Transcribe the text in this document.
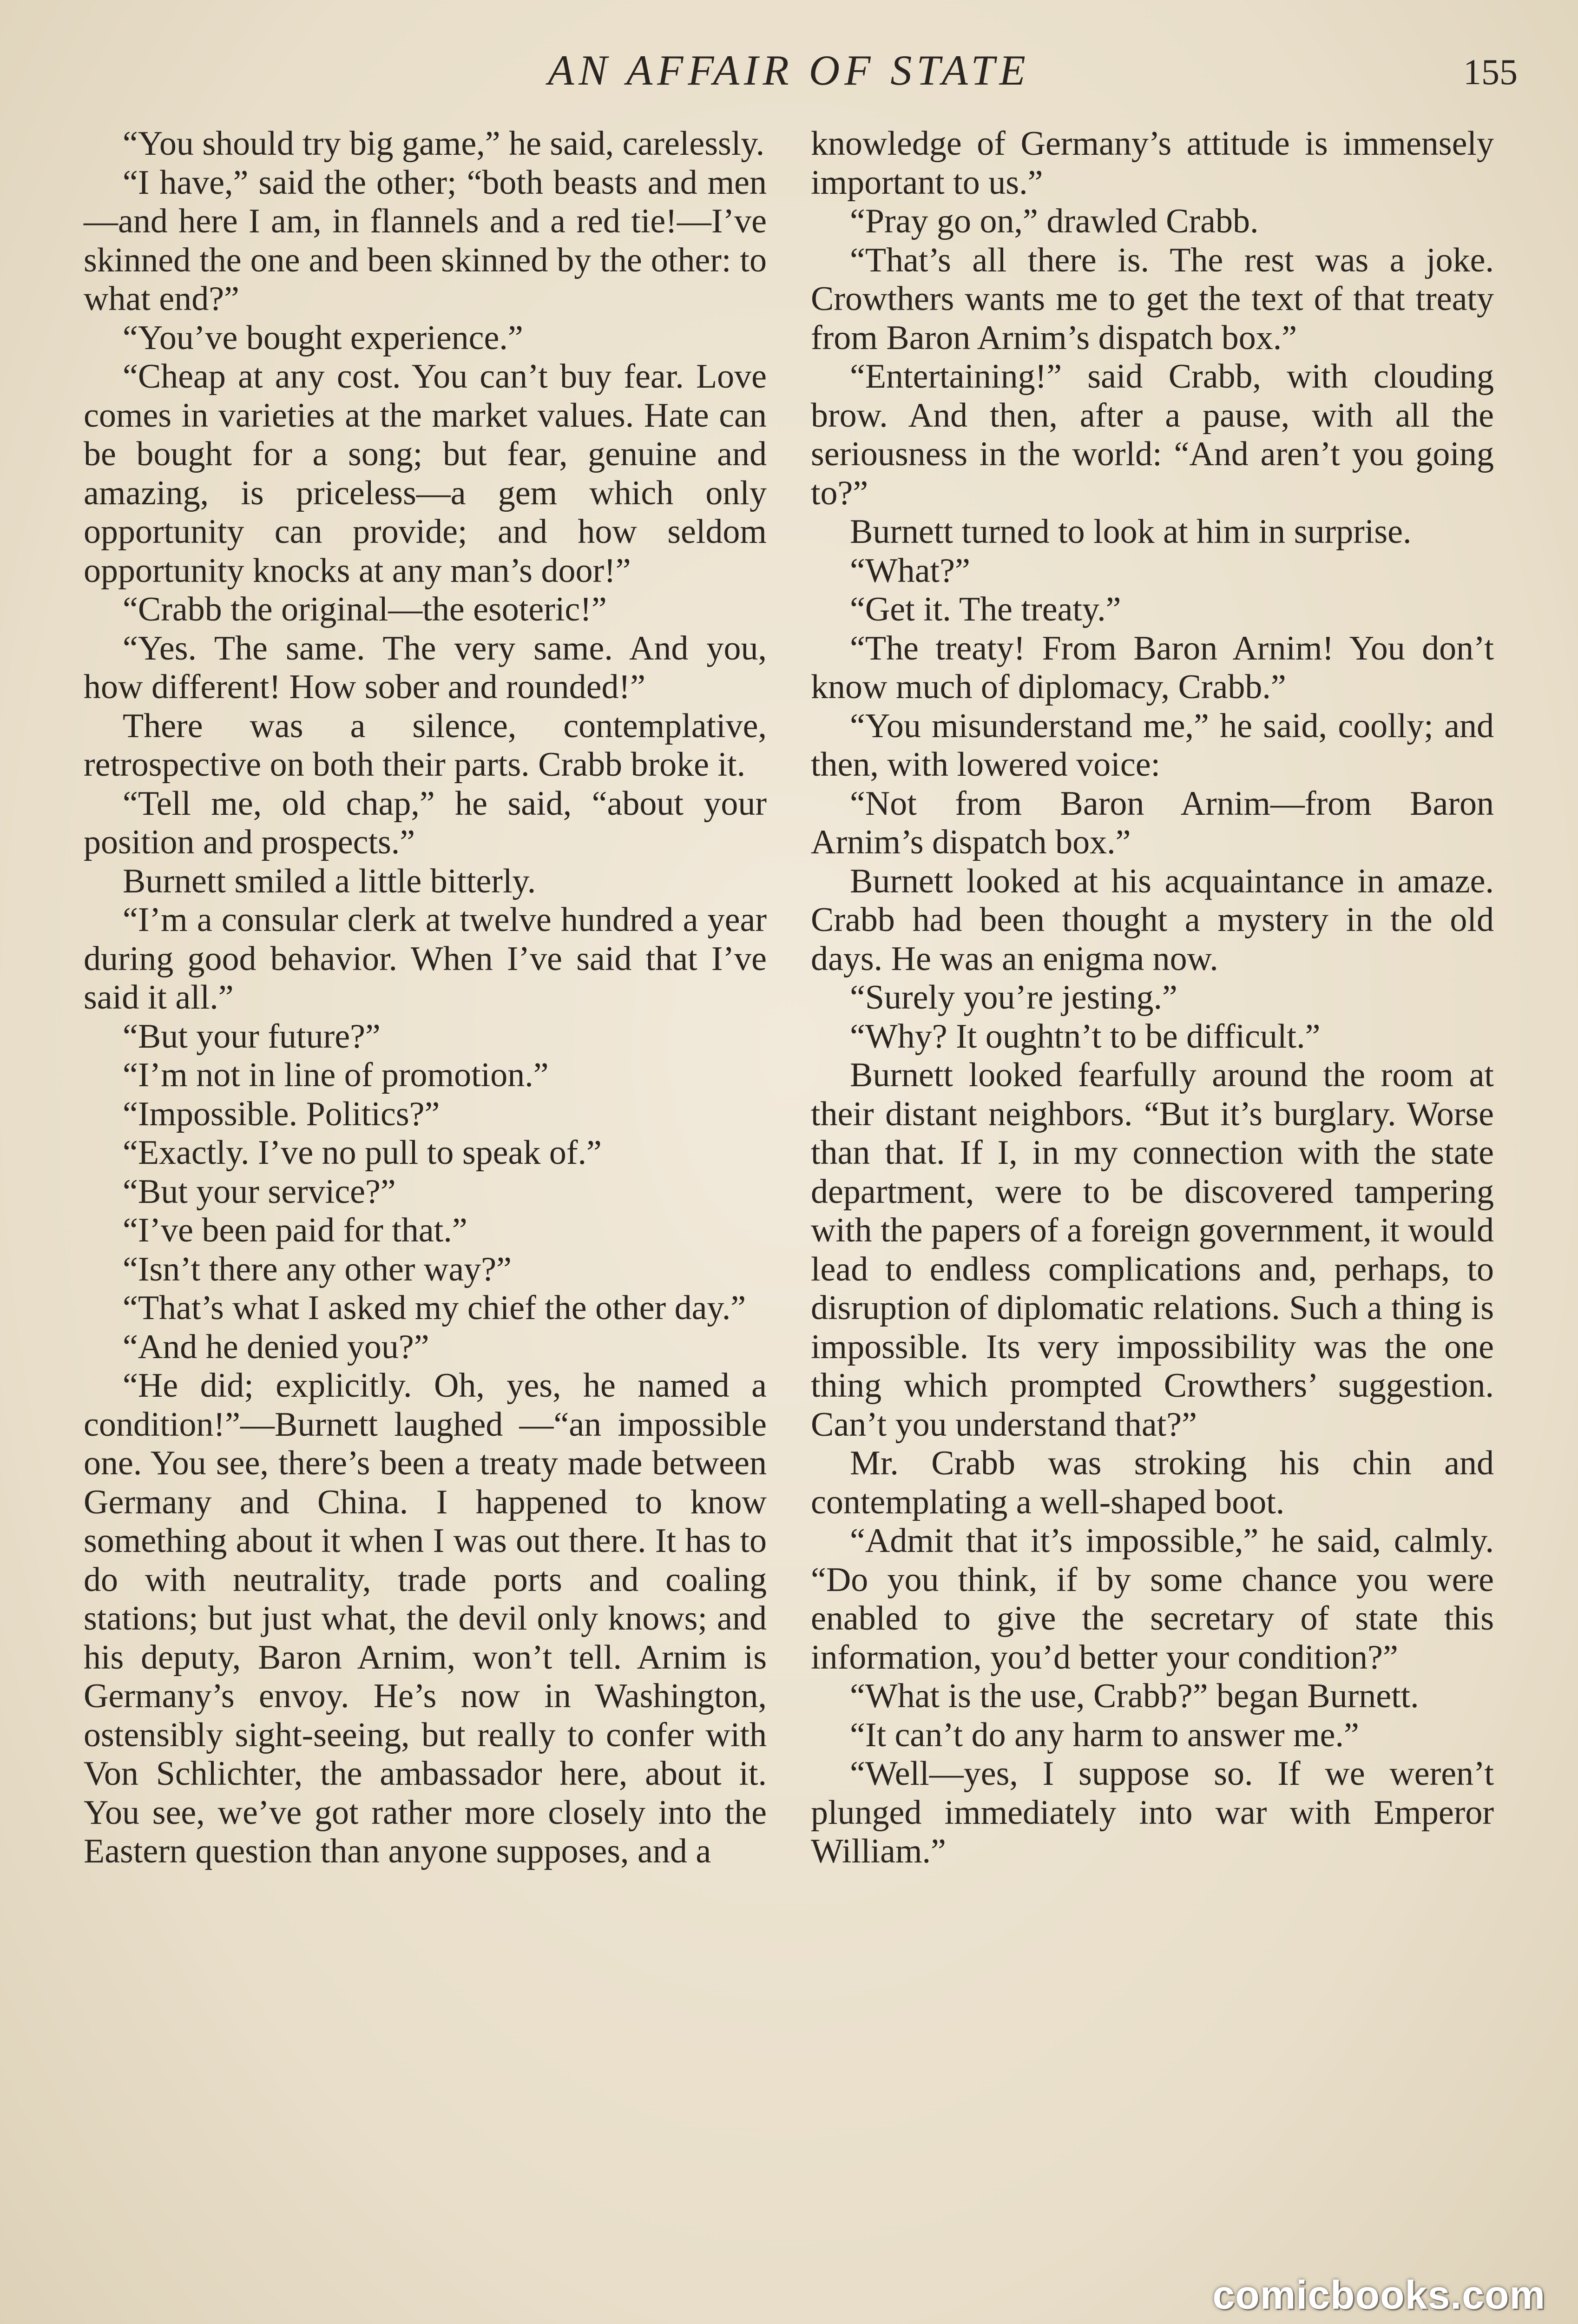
AN AFFAIR OF STATE	155

“You should try big game,” he said, carelessly.

“I have,” said the other; “both beasts and men—and here I am, in flannels and a red tie!—I’ve skinned the one and been skinned by the other: to what end?”

“You’ve bought experience.”

“Cheap at any cost. You can’t buy fear. Love comes in varieties at the market values. Hate can be bought for a song; but fear, genuine and amazing, is priceless—a gem which only opportunity can provide; and how seldom opportunity knocks at any man’s door!”

“Crabb the original—the esoteric!”

“Yes. The same. The very same. And you, how different! How sober and rounded!”

There was a silence, contemplative, retrospective on both their parts. Crabb broke it.

“Tell me, old chap,” he said, “about your position and prospects.”

Burnett smiled a little bitterly.

“I’m a consular clerk at twelve hundred a year during good behavior. When I’ve said that I’ve said it all.”

“But your future?”

“I’m not in line of promotion.”

“Impossible. Politics?”

“Exactly. I’ve no pull to speak of.”

“But your service?”

“I’ve been paid for that.”

“Isn’t there any other way?”

“That’s what I asked my chief the other day.”

“And he denied you?”

“He did; explicitly. Oh, yes, he named a condition!”—Burnett laughed —“an impossible one. You see, there’s been a treaty made between Germany and China. I happened to know something about it when I was out there. It has to do with neutrality, trade ports and coaling stations; but just what, the devil only knows; and his deputy, Baron Arnim, won’t tell. Arnim is Germany’s envoy. He’s now in Washington, ostensibly sight-seeing, but really to confer with Von Schlichter, the ambassador here, about it. You see, we’ve got rather more closely into the Eastern question than anyone supposes, and a

knowledge of Germany’s attitude is immensely important to us.”

“Pray go on,” drawled Crabb.

“That’s all there is. The rest was a joke. Crowthers wants me to get the text of that treaty from Baron Arnim’s dispatch box.”

“Entertaining!” said Crabb, with clouding brow. And then, after a pause, with all the seriousness in the world: “And aren’t you going to?”

Burnett turned to look at him in surprise.

“What?”

“Get it. The treaty.”

“The treaty! From Baron Arnim! You don’t know much of diplomacy, Crabb.”

“You misunderstand me,” he said, coolly; and then, with lowered voice:

“Not from Baron Arnim—from Baron Arnim’s dispatch box.”

Burnett looked at his acquaintance in amaze. Crabb had been thought a mystery in the old days. He was an enigma now.

“Surely you’re jesting.”

“Why? It oughtn’t to be difficult.”

Burnett looked fearfully around the room at their distant neighbors. “But it’s burglary. Worse than that. If I, in my connection with the state department, were to be discovered tampering with the papers of a foreign government, it would lead to endless complications and, perhaps, to disruption of diplomatic relations. Such a thing is impossible. Its very impossibility was the one thing which prompted Crowthers’ suggestion. Can’t you understand that?”

Mr. Crabb was stroking his chin and contemplating a well-shaped boot.

“Admit that it’s impossible,” he said, calmly. “Do you think, if by some chance you were enabled to give the secretary of state this information, you’d better your condition?”

“What is the use, Crabb?” began Burnett.

“It can’t do any harm to answer me.”

“Well—yes, I suppose so. If we weren’t plunged immediately into war with Emperor William.”

comicbooks.com
